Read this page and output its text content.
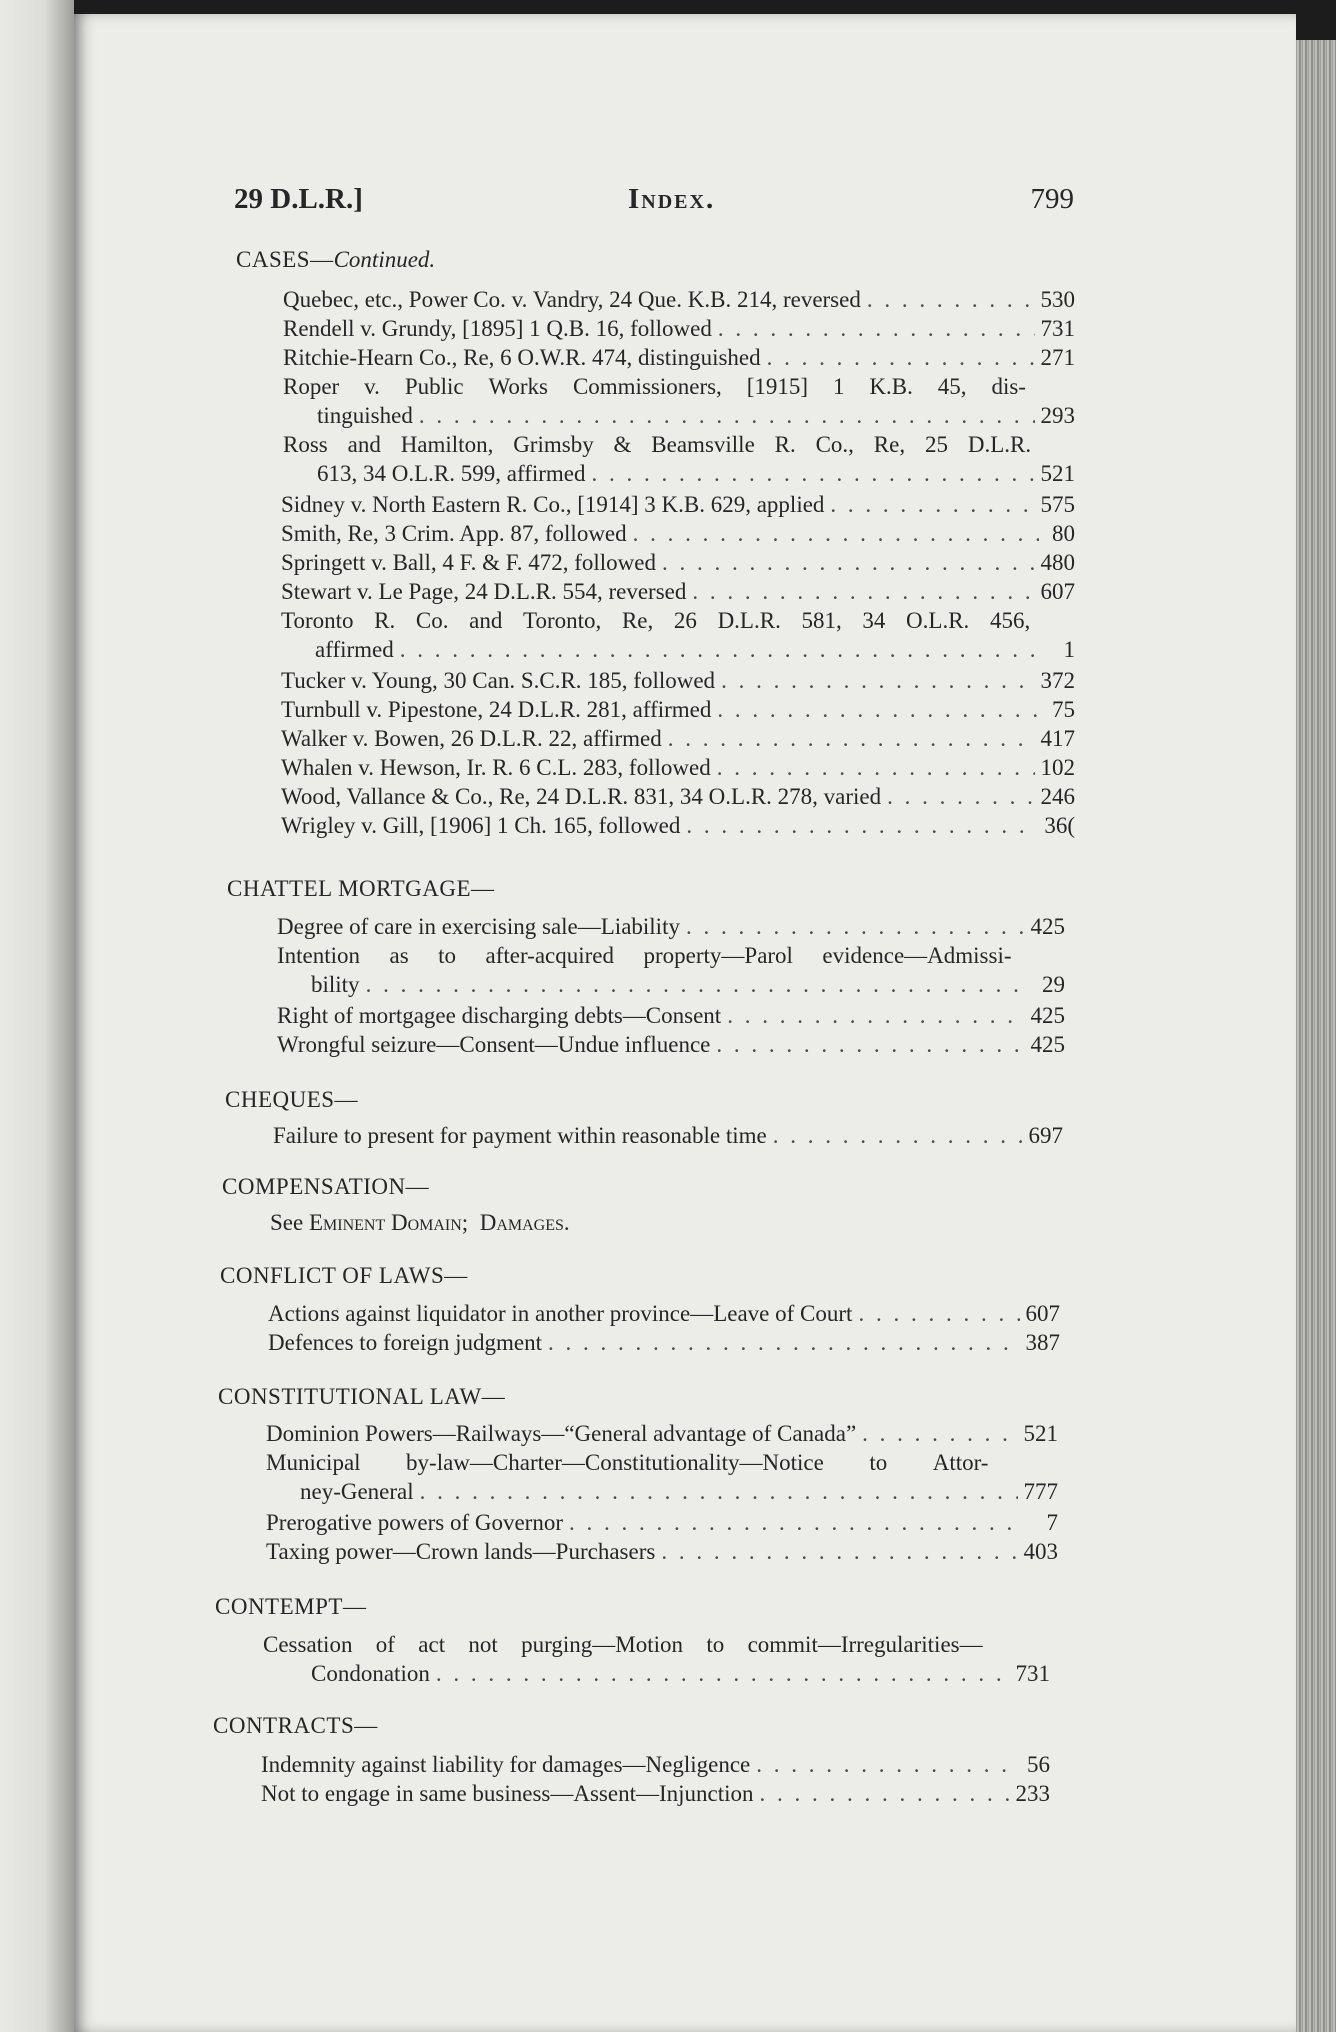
29 D.L.R.]	Index.	799
CASES—Continued.
Quebec, etc., Power Co. v. Vandry, 24 Que. K.B. 214, reversed . . .	530
Rendell v. Grundy, [1895] 1 Q.B. 16, followed . . .	731
Ritchie-Hearn Co., Re, 6 O.W.R. 474, distinguished . . .	271
Roper v. Public Works Commissioners, [1915] 1 K.B. 45, dis-
tinguished . . .	293
Ross and Hamilton, Grimsby & Beamsville R. Co., Re, 25 D.L.R.
613, 34 O.L.R. 599, affirmed . . .	521
Sidney v. North Eastern R. Co., [1914] 3 K.B. 629, applied . . .	575
Smith, Re, 3 Crim. App. 87, followed . . .	80
Springett v. Ball, 4 F. & F. 472, followed . . .	480
Stewart v. Le Page, 24 D.L.R. 554, reversed . . .	607
Toronto R. Co. and Toronto, Re, 26 D.L.R. 581, 34 O.L.R. 456,
affirmed . . .	1
Tucker v. Young, 30 Can. S.C.R. 185, followed . . .	372
Turnbull v. Pipestone, 24 D.L.R. 281, affirmed . . .	75
Walker v. Bowen, 26 D.L.R. 22, affirmed . . .	417
Whalen v. Hewson, Ir. R. 6 C.L. 283, followed . . .	102
Wood, Vallance & Co., Re, 24 D.L.R. 831, 34 O.L.R. 278, varied . . .	246
Wrigley v. Gill, [1906] 1 Ch. 165, followed . . .	36(
CHATTEL MORTGAGE—
Degree of care in exercising sale—Liability . . .	425
Intention as to after-acquired property—Parol evidence—Admissi-
bility . . .	29
Right of mortgagee discharging debts—Consent . . .	425
Wrongful seizure—Consent—Undue influence . . .	425
CHEQUES—
Failure to present for payment within reasonable time . . .	697
COMPENSATION—
See
Eminent Domain;
Damages.
CONFLICT OF LAWS—
Actions against liquidator in another province—Leave of Court . . .	607
Defences to foreign judgment . . .	387
CONSTITUTIONAL LAW—
Dominion Powers—Railways—“General advantage of Canada” . . .	521
Municipal by-law—Charter—Constitutionality—Notice to Attor-
ney-General . . .	777
Prerogative powers of Governor . . .	7
Taxing power—Crown lands—Purchasers . . .	403
CONTEMPT—
Cessation of act not purging—Motion to commit—Irregularities—
Condonation . . .	731
CONTRACTS—
Indemnity against liability for damages—Negligence . . .	56
Not to engage in same business—Assent—Injunction . . .	233
